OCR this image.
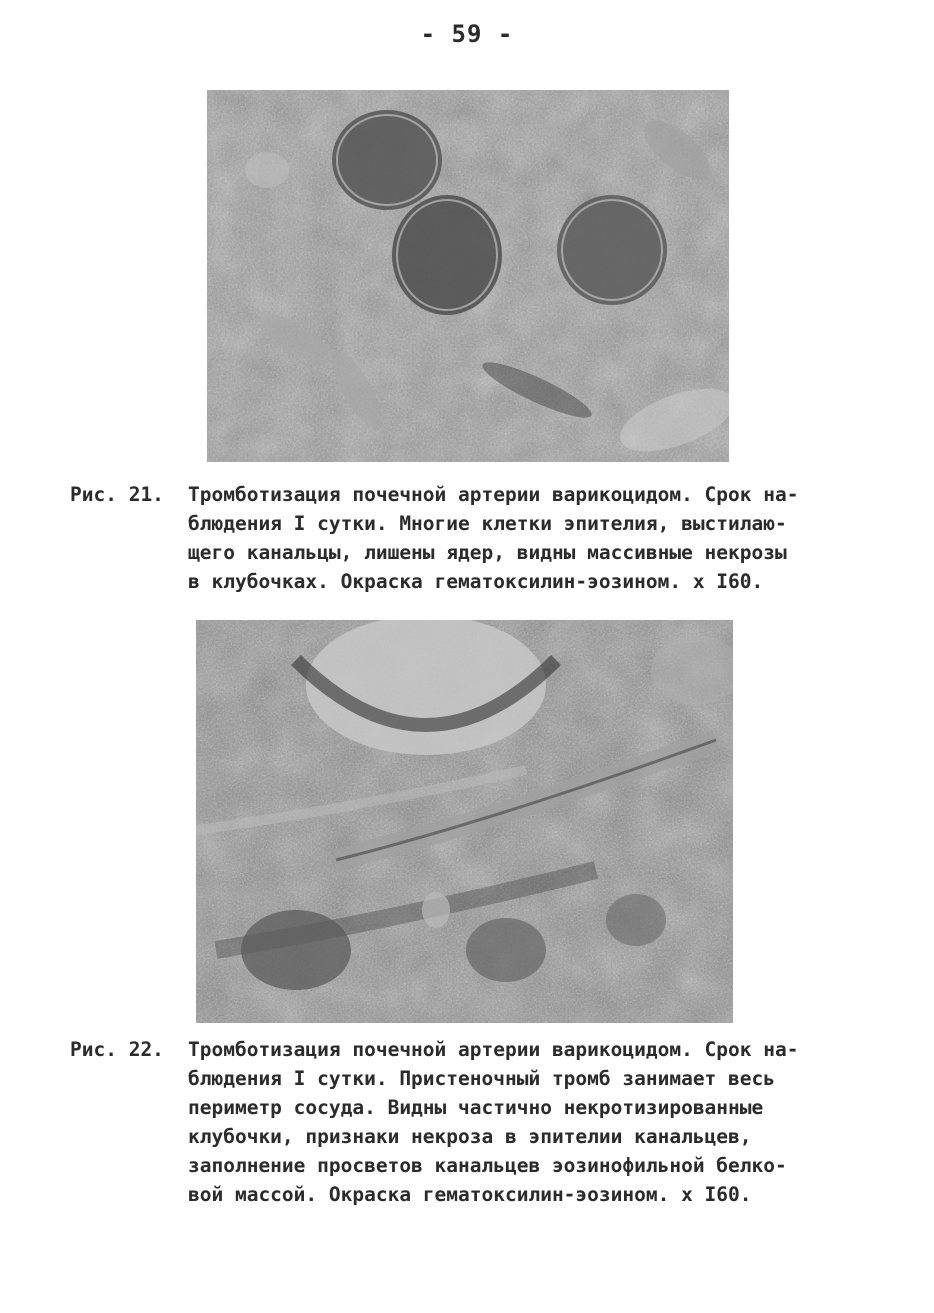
- 59 -
Рис. 21. Тромботизация почечной артерии варикоцидом. Срок на-
блюдения I сутки. Многие клетки эпителия, выстилаю-
щего канальцы, лишены ядер, видны массивные некрозы
в клубочках. Окраска гематоксилин-эозином. x I60.
Рис. 22. Тромботизация почечной артерии варикоцидом. Срок на-
блюдения I сутки. Пристеночный тромб занимает весь
периметр сосуда. Видны частично некротизированные
клубочки, признаки некроза в эпителии канальцев,
заполнение просветов канальцев эозинофильной белко-
вой массой. Окраска гематоксилин-эозином. x I60.
